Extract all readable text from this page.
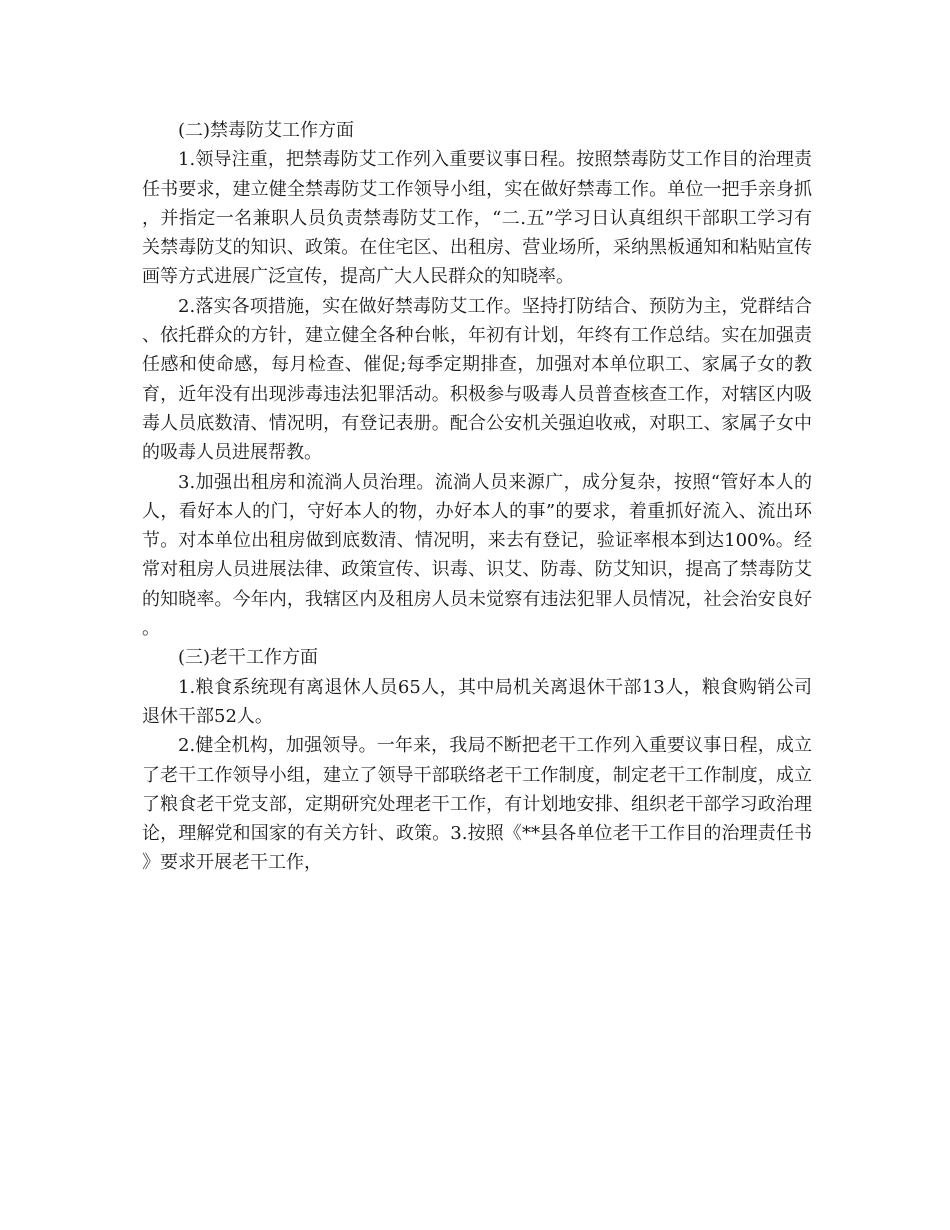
(二)禁毒防艾工作方面

1.领导注重，把禁毒防艾工作列入重要议事日程。按照禁毒防艾工作目的治理责任书要求，建立健全禁毒防艾工作领导小组，实在做好禁毒工作。单位一把手亲身抓，并指定一名兼职人员负责禁毒防艾工作，“二.五”学习日认真组织干部职工学习有关禁毒防艾的知识、政策。在住宅区、出租房、营业场所，采纳黑板通知和粘贴宣传画等方式进展广泛宣传，提高广大人民群众的知晓率。

2.落实各项措施，实在做好禁毒防艾工作。坚持打防结合、预防为主，党群结合、依托群众的方针，建立健全各种台帐，年初有计划，年终有工作总结。实在加强责任感和使命感，每月检查、催促;每季定期排查，加强对本单位职工、家属子女的教育，近年没有出现涉毒违法犯罪活动。积极参与吸毒人员普查核查工作，对辖区内吸毒人员底数清、情况明，有登记表册。配合公安机关强迫收戒，对职工、家属子女中的吸毒人员进展帮教。

3.加强出租房和流淌人员治理。流淌人员来源广，成分复杂，按照“管好本人的人，看好本人的门，守好本人的物，办好本人的事”的要求，着重抓好流入、流出环节。对本单位出租房做到底数清、情况明，来去有登记，验证率根本到达100%。经常对租房人员进展法律、政策宣传、识毒、识艾、防毒、防艾知识，提高了禁毒防艾的知晓率。今年内，我辖区内及租房人员未觉察有违法犯罪人员情况，社会治安良好。

(三)老干工作方面

1.粮食系统现有离退休人员65人，其中局机关离退休干部13人，粮食购销公司退休干部52人。

2.健全机构，加强领导。一年来，我局不断把老干工作列入重要议事日程，成立了老干工作领导小组，建立了领导干部联络老干工作制度，制定老干工作制度，成立了粮食老干党支部，定期研究处理老干工作，有计划地安排、组织老干部学习政治理论，理解党和国家的有关方针、政策。3.按照《**县各单位老干工作目的治理责任书》要求开展老干工作，
